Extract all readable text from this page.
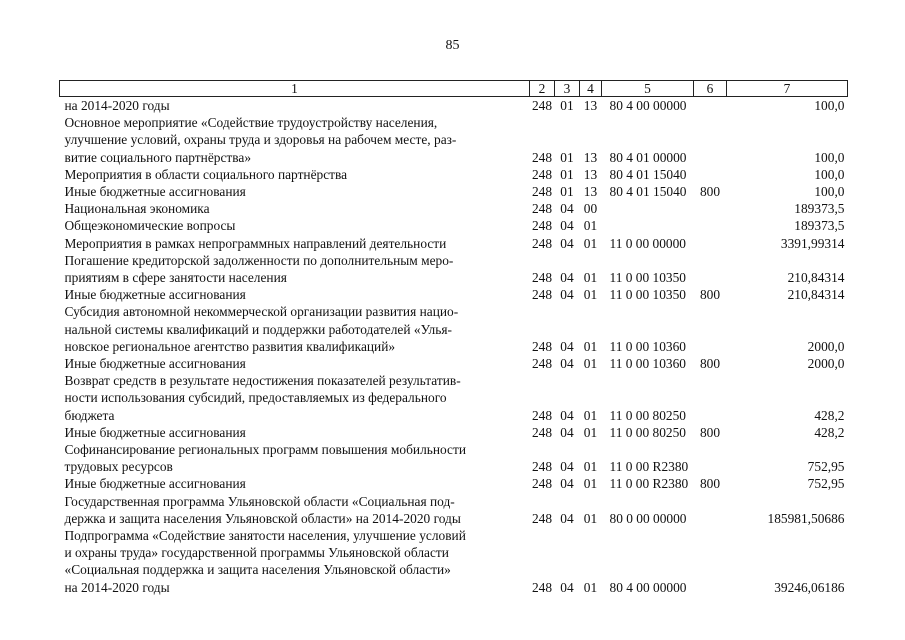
85
1	2	3	4	5	6	7

на 2014-2020 годы	248	01	13	80 4 00 00000		100,0

Основное мероприятие «Содействие трудоустройству населения,
улучшение условий, охраны труда и здоровья на рабочем месте, раз-
витие социального партнёрства»	248	01	13	80 4 01 00000		100,0

Мероприятия в области социального партнёрства	248	01	13	80 4 01 15040		100,0

Иные бюджетные ассигнования	248	01	13	80 4 01 15040	800	100,0

Национальная экономика	248	04	00			189373,5

Общеэкономические вопросы	248	04	01			189373,5

Мероприятия в рамках непрограммных направлений деятельности	248	04	01	11 0 00 00000		3391,99314

Погашение кредиторской задолженности по дополнительным меро-
приятиям в сфере занятости населения	248	04	01	11 0 00 10350		210,84314

Иные бюджетные ассигнования	248	04	01	11 0 00 10350	800	210,84314

Субсидия автономной некоммерческой организации развития нацио-
нальной системы квалификаций и поддержки работодателей «Улья-
новское региональное агентство развития квалификаций»	248	04	01	11 0 00 10360		2000,0

Иные бюджетные ассигнования	248	04	01	11 0 00 10360	800	2000,0

Возврат средств в результате недостижения показателей результатив-
ности использования субсидий, предоставляемых из федерального
бюджета	248	04	01	11 0 00 80250		428,2

Иные бюджетные ассигнования	248	04	01	11 0 00 80250	800	428,2

Софинансирование региональных программ повышения мобильности
трудовых ресурсов	248	04	01	11 0 00 R2380		752,95

Иные бюджетные ассигнования	248	04	01	11 0 00 R2380	800	752,95

Государственная программа Ульяновской области «Социальная под-
держка и защита населения Ульяновской области» на 2014-2020 годы	248	04	01	80 0 00 00000		185981,50686

Подпрограмма «Содействие занятости населения, улучшение условий
и охраны труда» государственной программы Ульяновской области
«Социальная поддержка и защита населения Ульяновской области»
на 2014-2020 годы	248	04	01	80 4 00 00000		39246,06186
